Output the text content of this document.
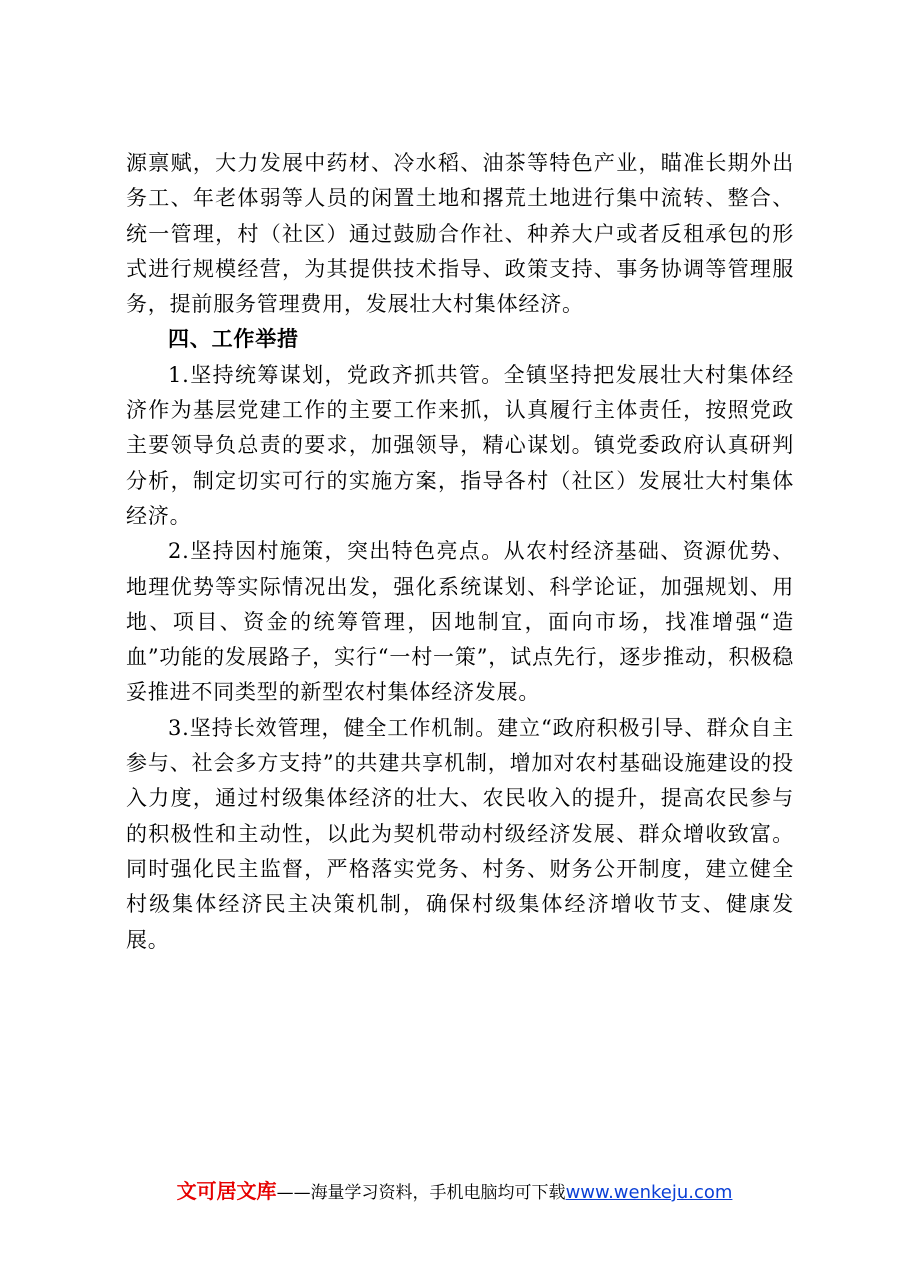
源禀赋，大力发展中药材、冷水稻、油茶等特色产业，瞄准长期外出务工、年老体弱等人员的闲置土地和撂荒土地进行集中流转、整合、统一管理，村（社区）通过鼓励合作社、种养大户或者反租承包的形式进行规模经营，为其提供技术指导、政策支持、事务协调等管理服务，提前服务管理费用，发展壮大村集体经济。

四、工作举措

1.坚持统筹谋划，党政齐抓共管。全镇坚持把发展壮大村集体经济作为基层党建工作的主要工作来抓，认真履行主体责任，按照党政主要领导负总责的要求，加强领导，精心谋划。镇党委政府认真研判分析，制定切实可行的实施方案，指导各村（社区）发展壮大村集体经济。

2.坚持因村施策，突出特色亮点。从农村经济基础、资源优势、地理优势等实际情况出发，强化系统谋划、科学论证，加强规划、用地、项目、资金的统筹管理，因地制宜，面向市场，找准增强“造血”功能的发展路子，实行“一村一策”，试点先行，逐步推动，积极稳妥推进不同类型的新型农村集体经济发展。

3.坚持长效管理，健全工作机制。建立“政府积极引导、群众自主参与、社会多方支持”的共建共享机制，增加对农村基础设施建设的投入力度，通过村级集体经济的壮大、农民收入的提升，提高农民参与的积极性和主动性，以此为契机带动村级经济发展、群众增收致富。同时强化民主监督，严格落实党务、村务、财务公开制度，建立健全村级集体经济民主决策机制，确保村级集体经济增收节支、健康发展。

文可居文库——海量学习资料，手机电脑均可下载www.wenkeju.com
